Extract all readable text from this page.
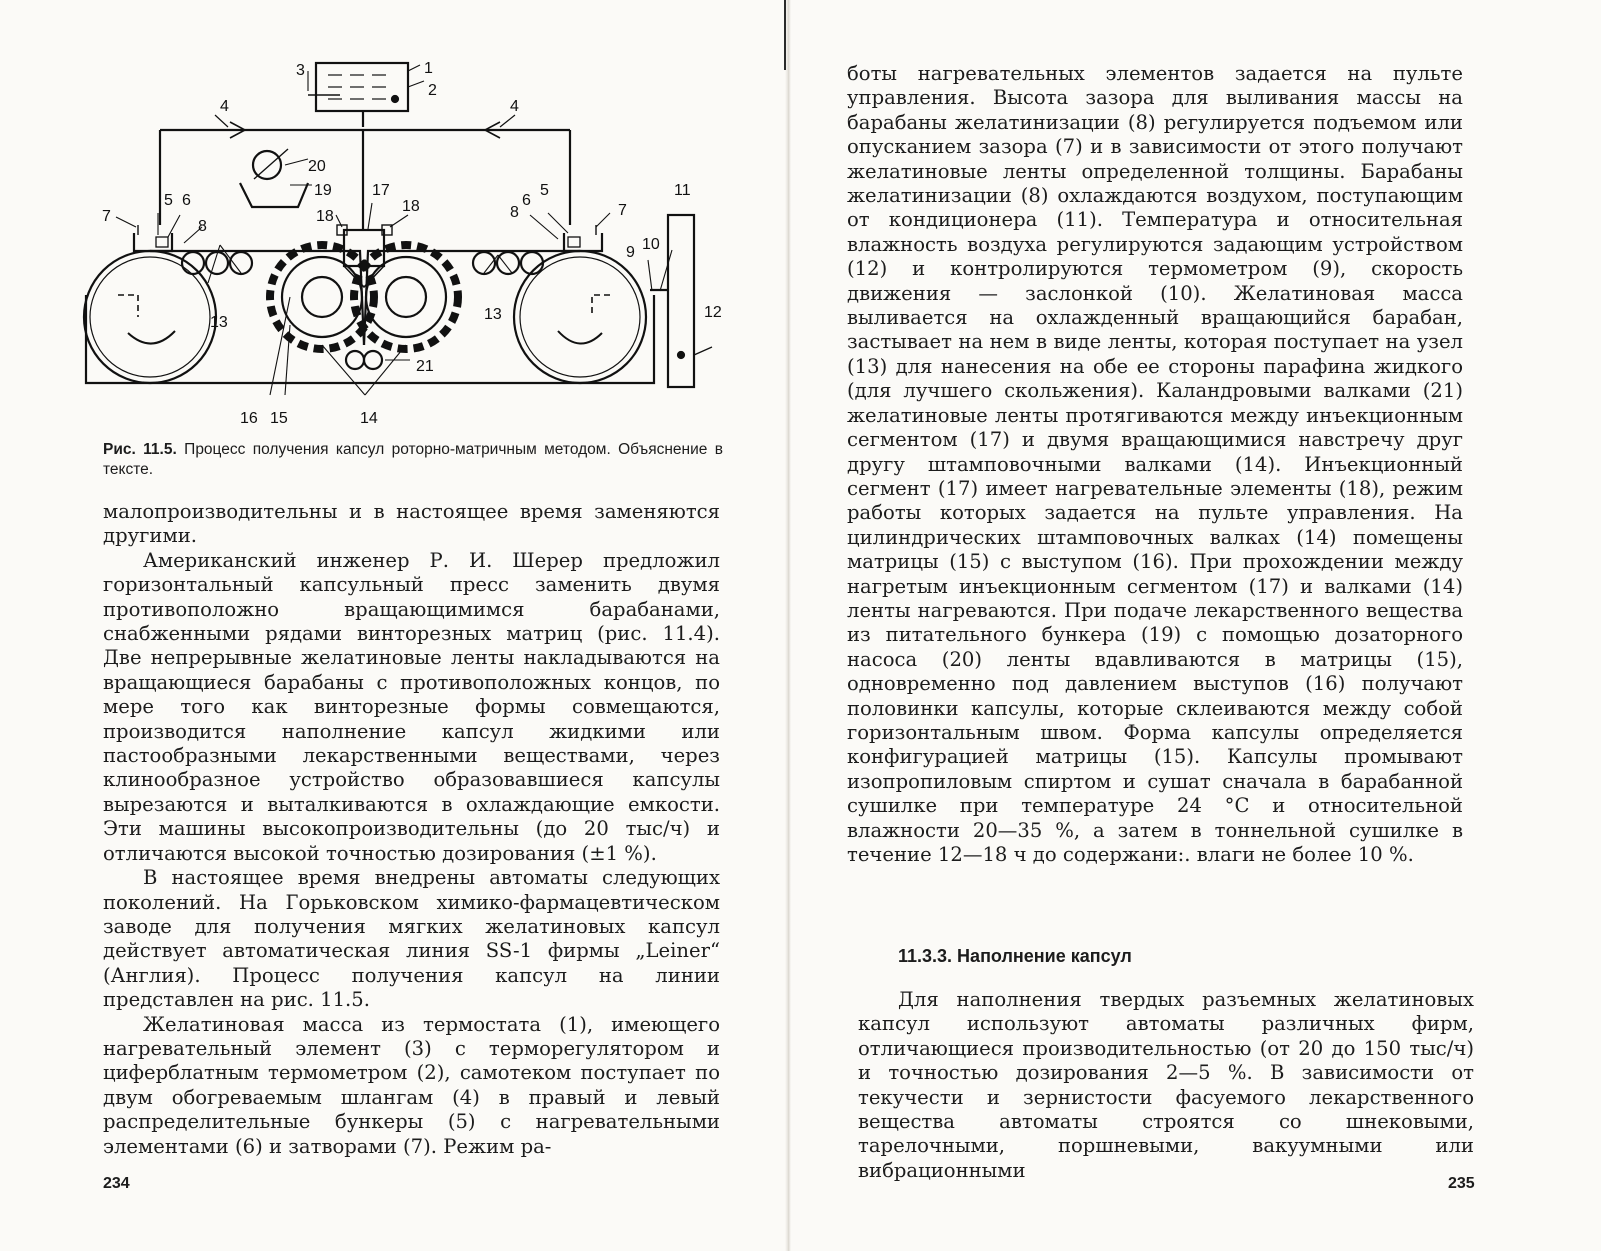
3	1
2
4	4
20
19	17
18
18
5 6
7
8
5
6
7
8
9 10
11
12
13	13
16 15	14
21
Рис. 11.5. Процесс получения капсул роторно-матричным методом. Объяснение в тексте.

малопроизводительны и в настоящее время заменяются другими.

Американский инженер Р. И. Шерер предложил горизонтальный капсульный пресс заменить двумя противоположно вращающимимся барабанами, снабженными рядами винторезных матриц (рис. 11.4). Две непрерывные желатиновые ленты накладываются на вращающиеся барабаны с противоположных концов, по мере того как винторезные формы совмещаются, производится наполнение капсул жидкими или пастообразными лекарственными веществами, через клинообразное устройство образовавшиеся капсулы вырезаются и выталкиваются в охлаждающие емкости. Эти машины высокопроизводительны (до 20 тыс/ч) и отличаются высокой точностью дозирования (±1 %).

В настоящее время внедрены автоматы следующих поколений. На Горьковском химико-фармацевтическом заводе для получения мягких желатиновых капсул действует автоматическая линия SS-1 фирмы „Leiner“ (Англия). Процесс получения капсул на линии представлен на рис. 11.5.

Желатиновая масса из термостата (1), имеющего нагревательный элемент (3) с терморегулятором и циферблатным термометром (2), самотеком поступает по двум обогреваемым шлангам (4) в правый и левый распределительные бункеры (5) с нагревательными элементами (6) и затворами (7). Режим ра-

234

боты нагревательных элементов задается на пульте управления. Высота зазора для выливания массы на барабаны желатинизации (8) регулируется подъемом или опусканием зазора (7) и в зависимости от этого получают желатиновые ленты определенной толщины. Барабаны желатинизации (8) охлаждаются воздухом, поступающим от кондиционера (11). Температура и относительная влажность воздуха регулируются задающим устройством (12) и контролируются термометром (9), скорость движения — заслонкой (10). Желатиновая масса выливается на охлажденный вращающийся барабан, застывает на нем в виде ленты, которая поступает на узел (13) для нанесения на обе ее стороны парафина жидкого (для лучшего скольжения). Каландровыми валками (21) желатиновые ленты протягиваются между инъекционным сегментом (17) и двумя вращающимися навстречу друг другу штамповочными валками (14). Инъекционный сегмент (17) имеет нагревательные элементы (18), режим работы которых задается на пульте управления. На цилиндрических штамповочных валках (14) помещены матрицы (15) с выступом (16). При прохождении между нагретым инъекционным сегментом (17) и валками (14) ленты нагреваются. При подаче лекарственного вещества из питательного бункера (19) с помощью дозаторного насоса (20) ленты вдавливаются в матрицы (15), одновременно под давлением выступов (16) получают половинки капсулы, которые склеиваются между собой горизонтальным швом. Форма капсулы определяется конфигурацией матрицы (15). Капсулы промывают изопропиловым спиртом и сушат сначала в барабанной сушилке при температуре 24 °C и относительной влажности 20—35 %, а затем в тоннельной сушилке в течение 12—18 ч до содержани:. влаги не более 10 %.

11.3.3. Наполнение капсул

Для наполнения твердых разъемных желатиновых капсул используют автоматы различных фирм, отличающиеся производительностью (от 20 до 150 тыс/ч) и точностью дозирования 2—5 %. В зависимости от текучести и зернистости фасуемого лекарственного вещества автоматы строятся со шнековыми, тарелочными, поршневыми, вакуумными или вибрационными

235
